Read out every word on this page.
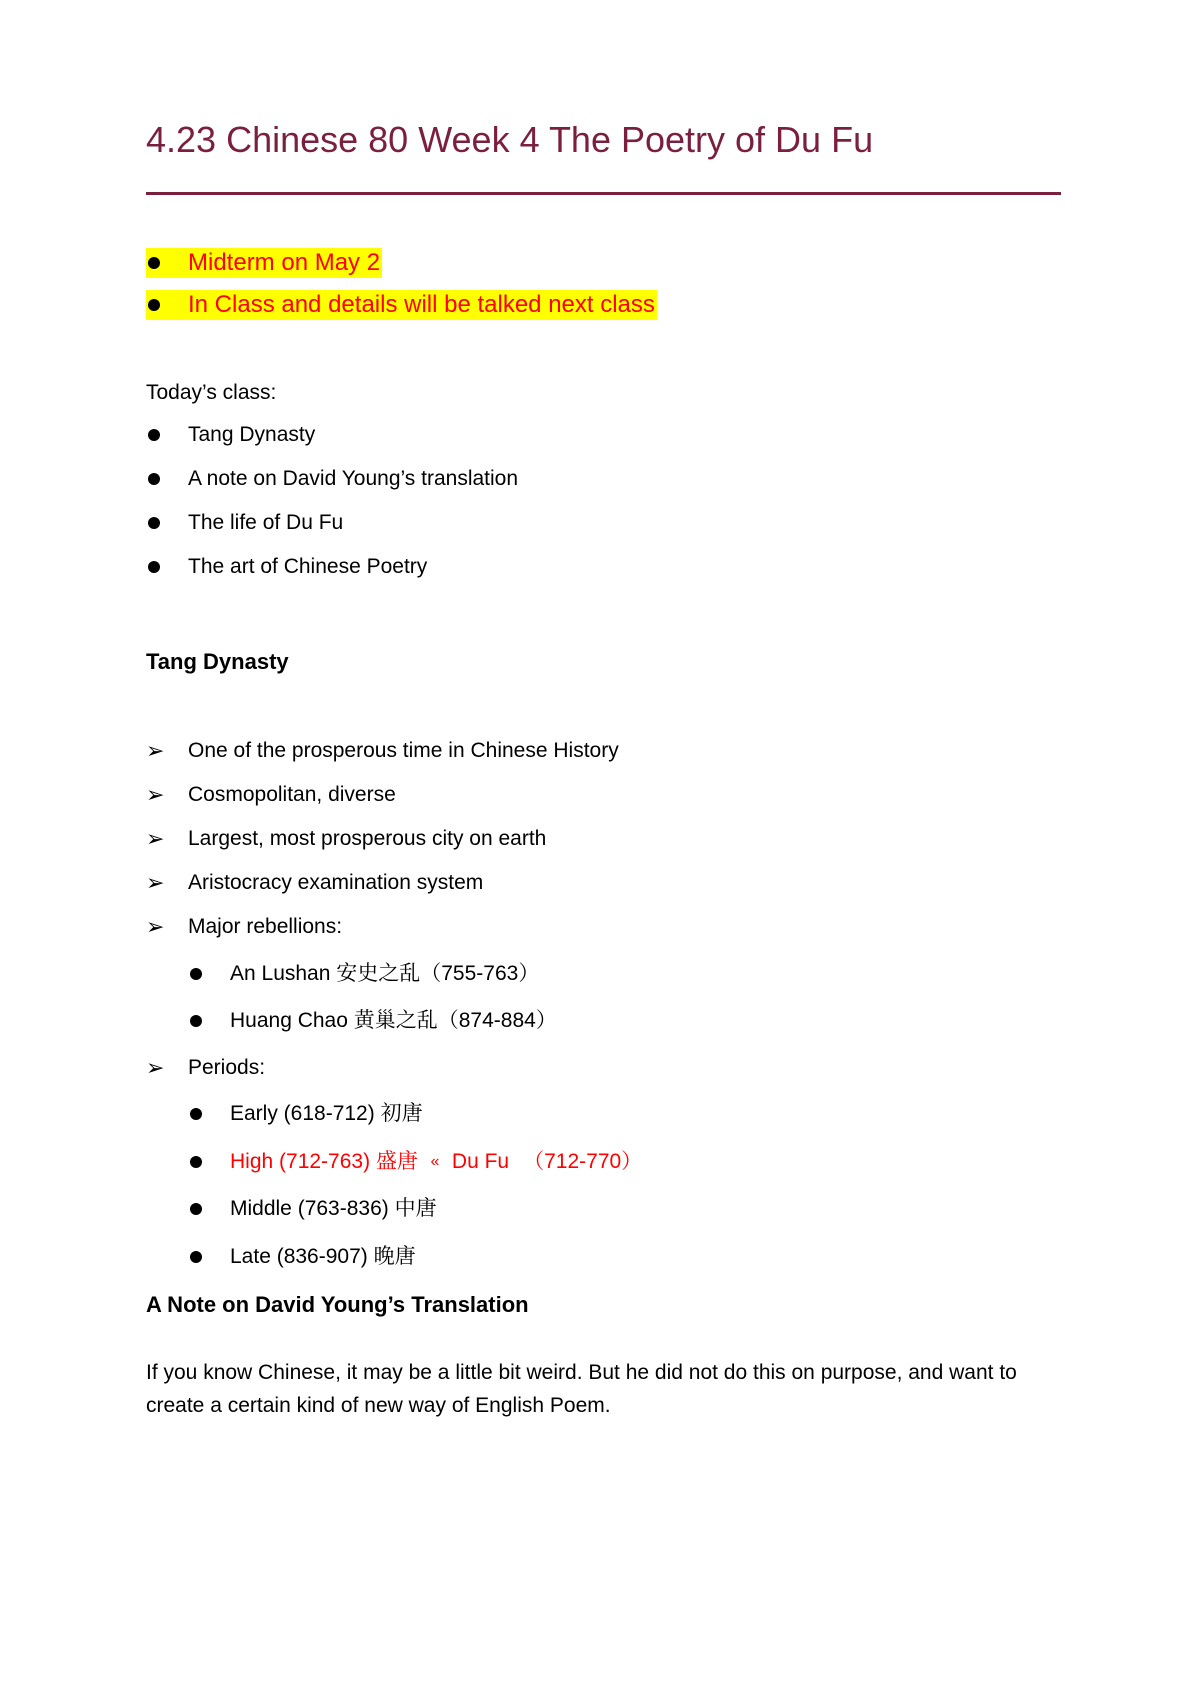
4.23 Chinese 80 Week 4 The Poetry of Du Fu
Midterm on May 2
In Class and details will be talked next class
Today’s class:
Tang Dynasty
A note on David Young’s translation
The life of Du Fu
The art of Chinese Poetry
Tang Dynasty
➢	One of the prosperous time in Chinese History
➢	Cosmopolitan, diverse
➢	Largest, most prosperous city on earth
➢	Aristocracy examination system
➢	Major rebellions:
An Lushan 安史之乱（755-763）
Huang Chao 黄巢之乱（874-884）
➢	Periods:
Early (618-712) 初唐
High (712-763) 盛唐 « Du Fu （712-770）
Middle (763-836) 中唐
Late (836-907) 晚唐
A Note on David Young’s Translation

If you know Chinese, it may be a little bit weird. But he did not do this on purpose, and want to create a certain kind of new way of English Poem.
